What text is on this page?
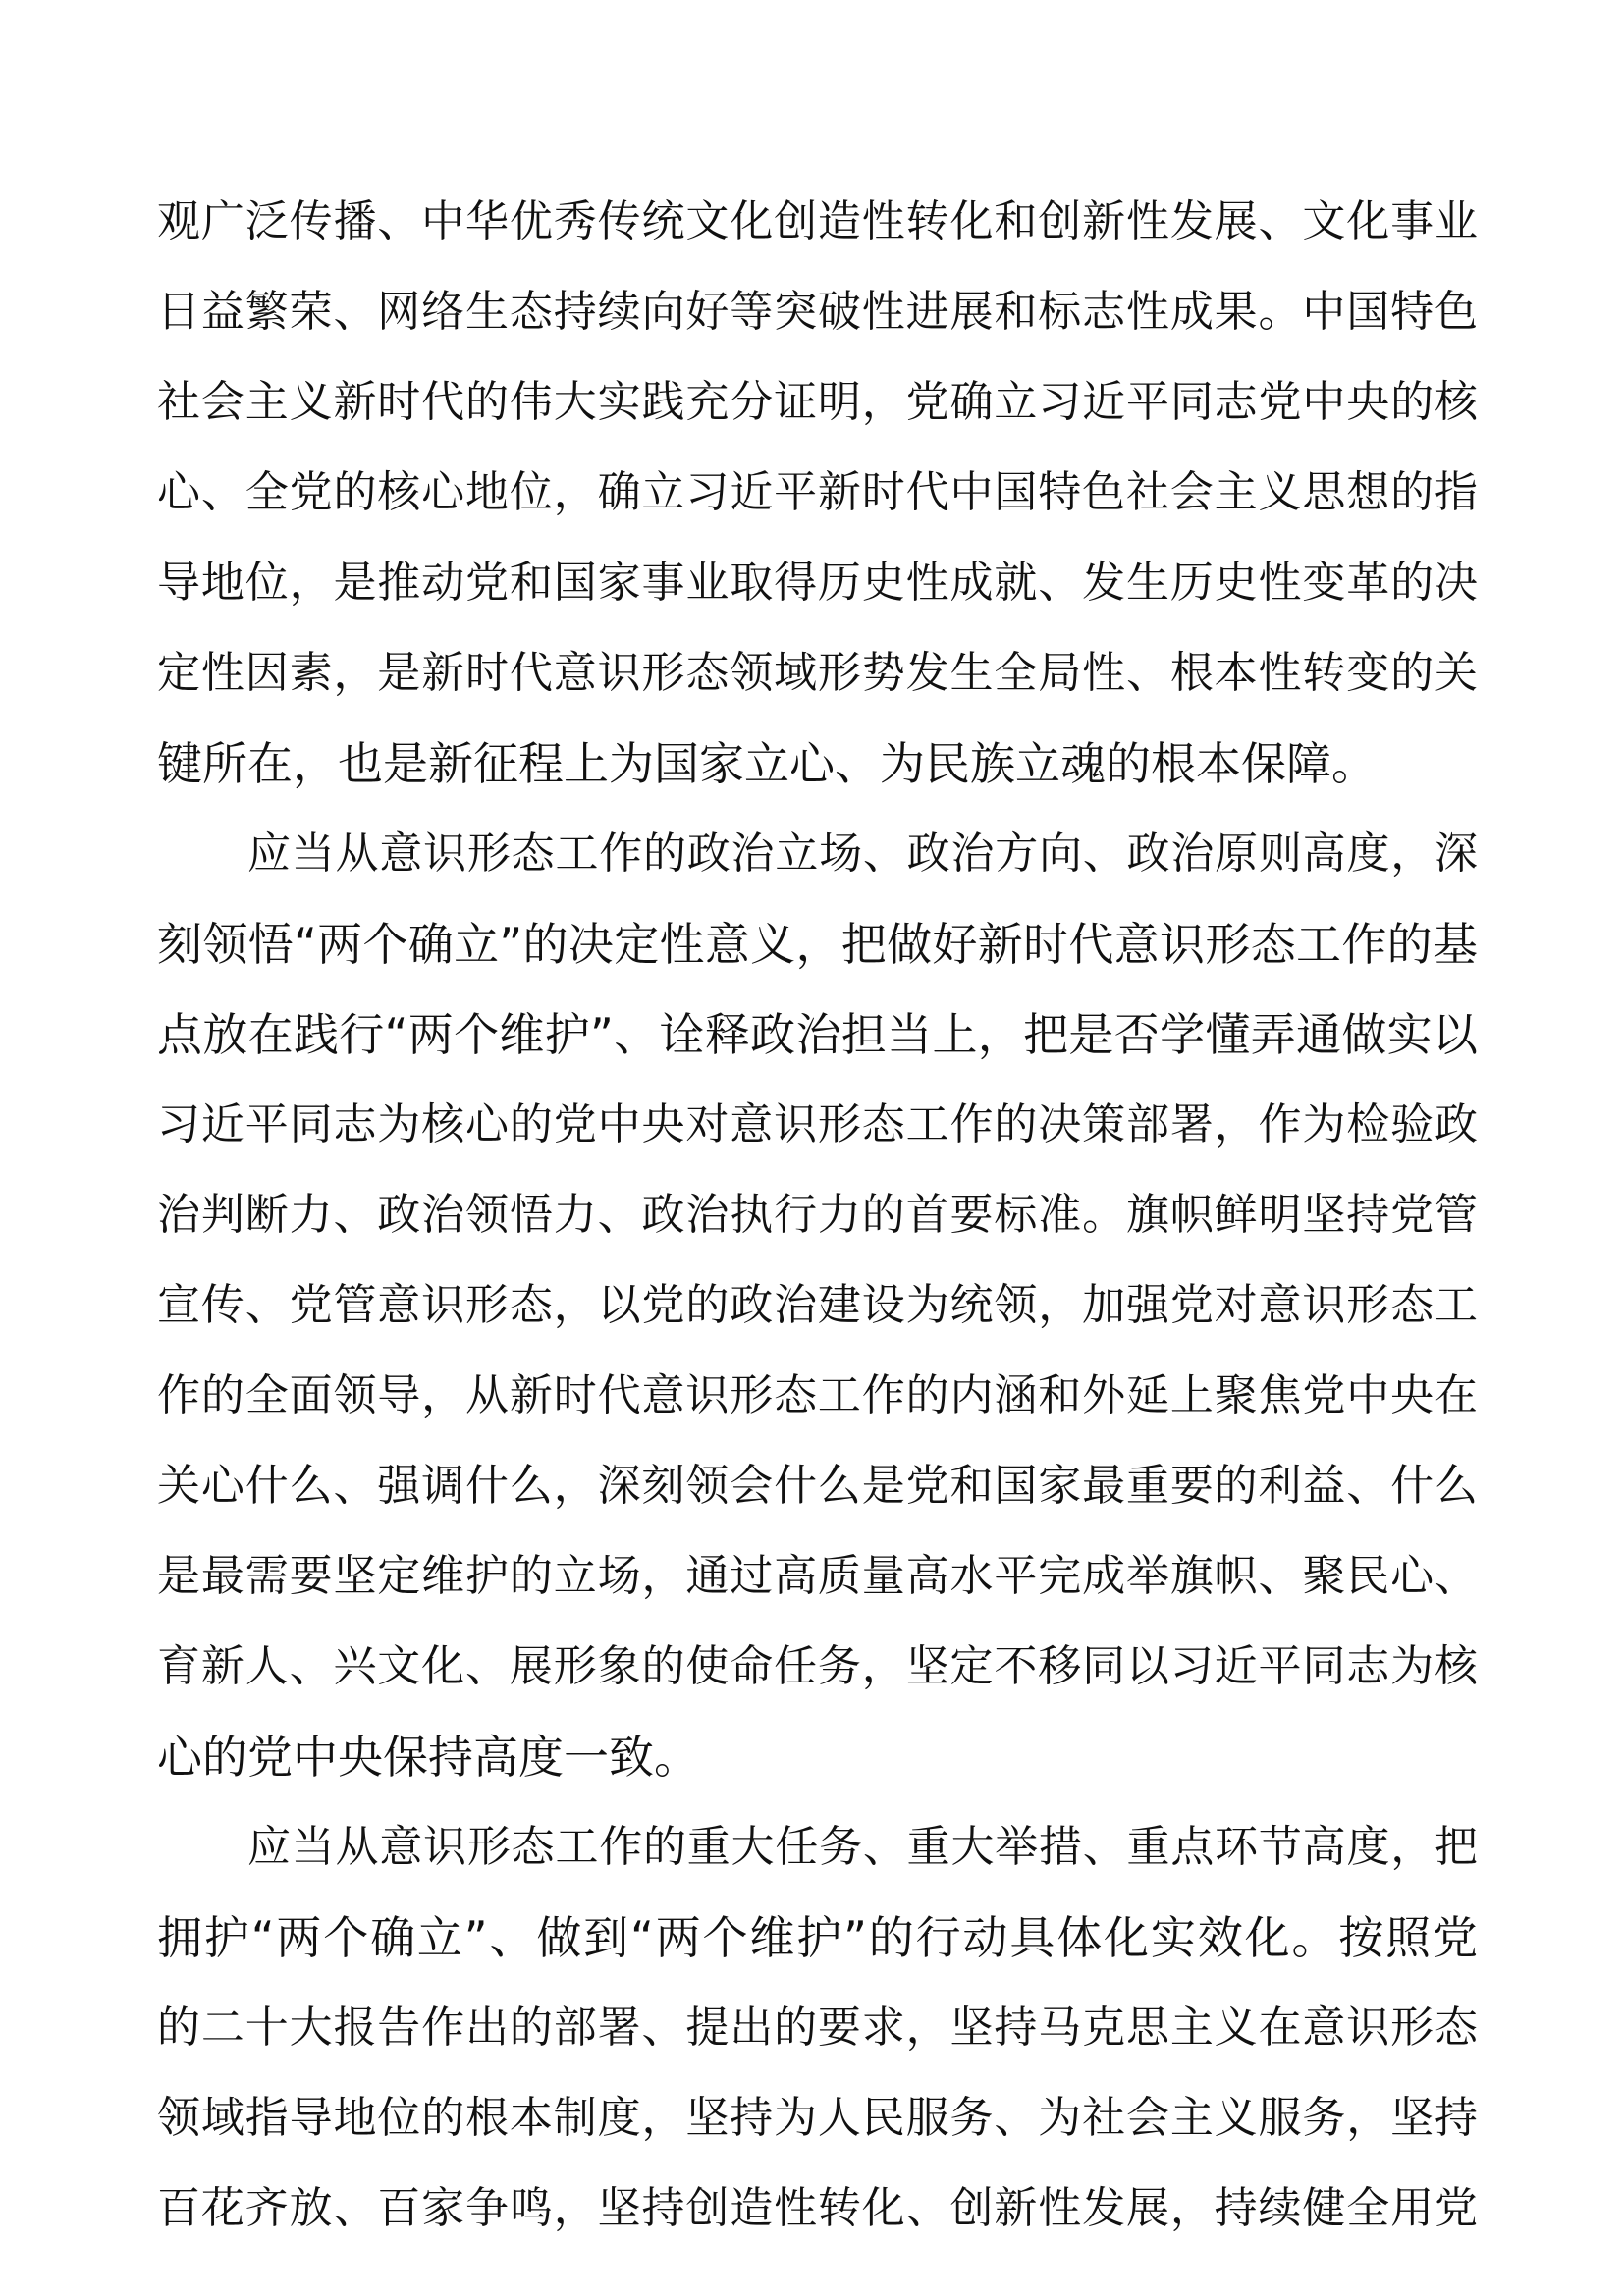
观广泛传播、中华优秀传统文化创造性转化和创新性发展、文化事业
日益繁荣、网络生态持续向好等突破性进展和标志性成果。中国特色
社会主义新时代的伟大实践充分证明，党确立习近平同志党中央的核
心、全党的核心地位，确立习近平新时代中国特色社会主义思想的指
导地位，是推动党和国家事业取得历史性成就、发生历史性变革的决
定性因素，是新时代意识形态领域形势发生全局性、根本性转变的关
键所在，也是新征程上为国家立心、为民族立魂的根本保障。
应当从意识形态工作的政治立场、政治方向、政治原则高度，深
刻领悟“两个确立”的决定性意义，把做好新时代意识形态工作的基
点放在践行“两个维护”、诠释政治担当上，把是否学懂弄通做实以
习近平同志为核心的党中央对意识形态工作的决策部署，作为检验政
治判断力、政治领悟力、政治执行力的首要标准。旗帜鲜明坚持党管
宣传、党管意识形态，以党的政治建设为统领，加强党对意识形态工
作的全面领导，从新时代意识形态工作的内涵和外延上聚焦党中央在
关心什么、强调什么，深刻领会什么是党和国家最重要的利益、什么
是最需要坚定维护的立场，通过高质量高水平完成举旗帜、聚民心、
育新人、兴文化、展形象的使命任务，坚定不移同以习近平同志为核
心的党中央保持高度一致。
应当从意识形态工作的重大任务、重大举措、重点环节高度，把
拥护“两个确立”、做到“两个维护”的行动具体化实效化。按照党
的二十大报告作出的部署、提出的要求，坚持马克思主义在意识形态
领域指导地位的根本制度，坚持为人民服务、为社会主义服务，坚持
百花齐放、百家争鸣，坚持创造性转化、创新性发展，持续健全用党
